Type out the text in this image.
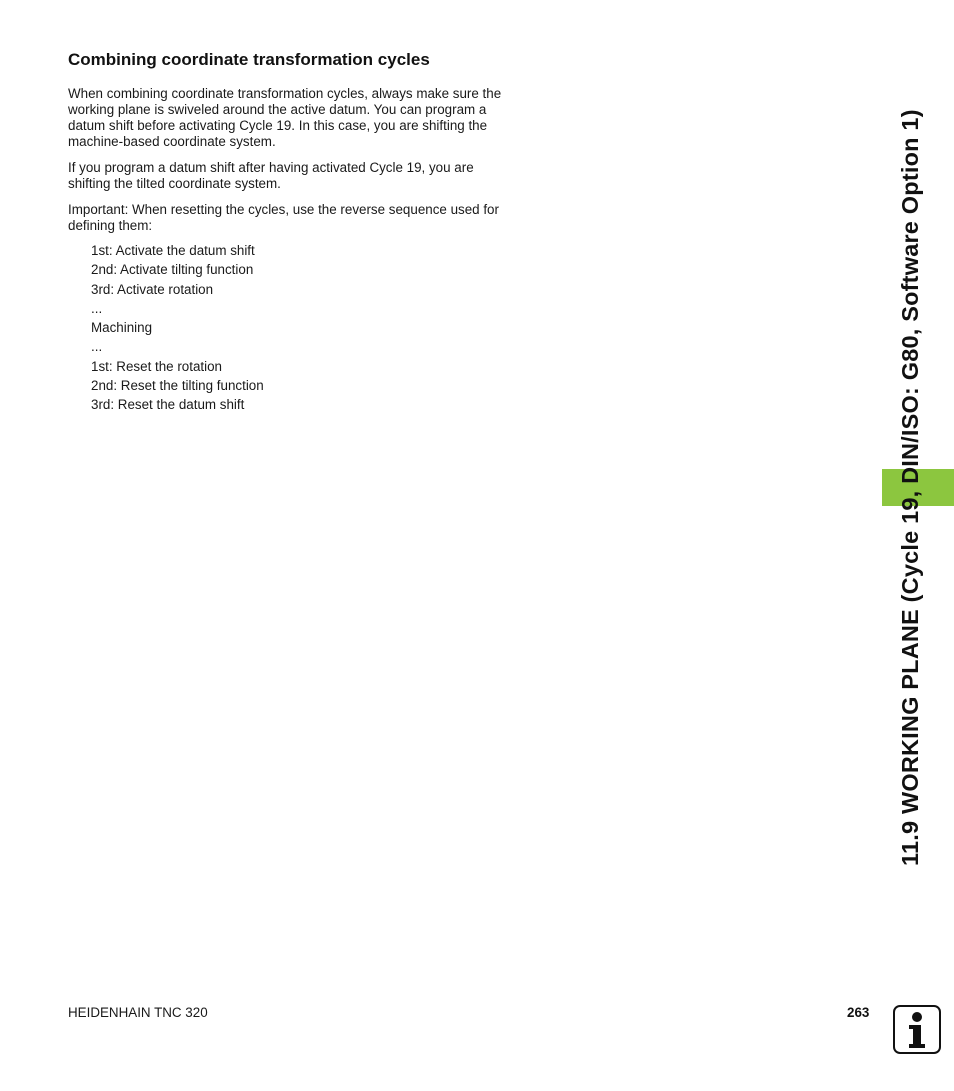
Combining coordinate transformation cycles

When combining coordinate transformation cycles, always make sure the working plane is swiveled around the active datum. You can program a datum shift before activating Cycle 19. In this case, you are shifting the machine-based coordinate system.

If you program a datum shift after having activated Cycle 19, you are shifting the tilted coordinate system.

Important: When resetting the cycles, use the reverse sequence used for defining them:

1st: Activate the datum shift
2nd: Activate tilting function
3rd: Activate rotation
...
Machining
...
1st: Reset the rotation
2nd: Reset the tilting function
3rd: Reset the datum shift	11.9 WORKING PLANE (Cycle 19, DIN/ISO: G80, Software Option 1)
HEIDENHAIN TNC 320	263
